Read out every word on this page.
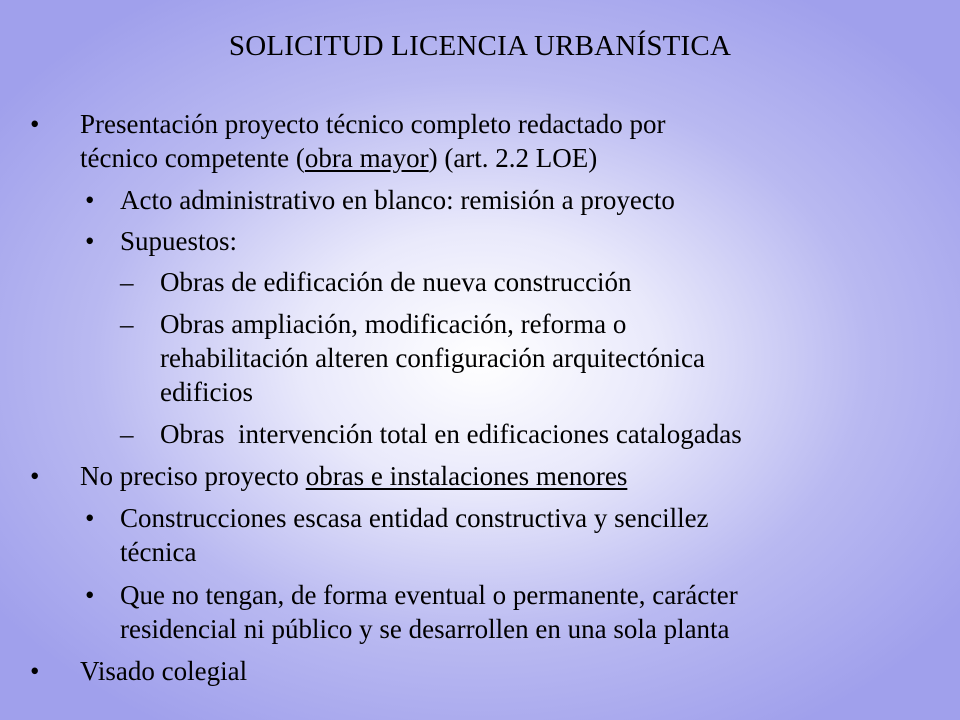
SOLICITUD LICENCIA URBANÍSTICA
• Presentación proyecto técnico completo redactado por
técnico competente (obra mayor) (art. 2.2 LOE)
• Acto administrativo en blanco: remisión a proyecto
• Supuestos:
– Obras de edificación de nueva construcción
– Obras ampliación, modificación, reforma o
rehabilitación alteren configuración arquitectónica
edificios
– Obras  intervención total en edificaciones catalogadas
• No preciso proyecto obras e instalaciones menores
• Construcciones escasa entidad constructiva y sencillez
técnica
• Que no tengan, de forma eventual o permanente, carácter
residencial ni público y se desarrollen en una sola planta
• Visado colegial
